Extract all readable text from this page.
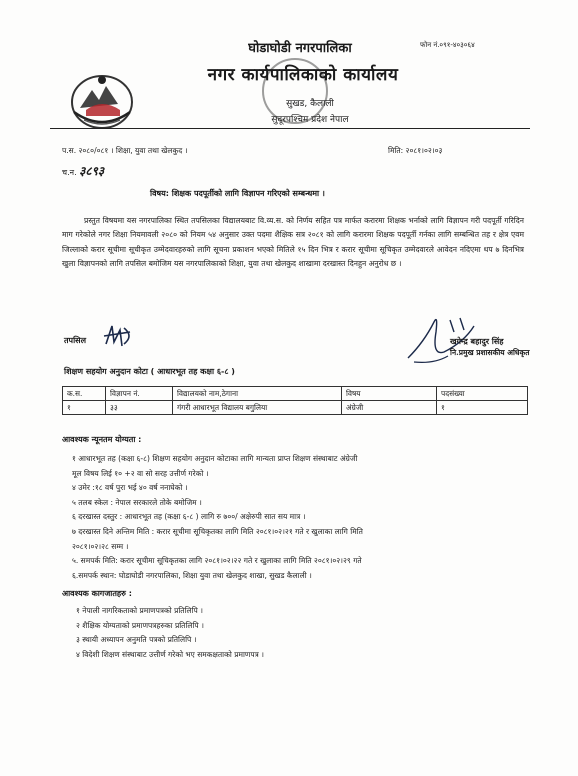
घोडाघोडी नगरपालिका
नगर कार्यपालिकाको कार्यालय
सुखड, कैलाली
सुदूरपश्चिम प्रदेश नेपाल
फोन नं.०९१-४०३०६४
प.स. २०८०/०८१ । शिक्षा, युवा तथा खेलकुद ।	मिति: २०८१।०२।०३
च.न. ३८९३
विषय: शिक्षक पदपूर्तीको लागि विज्ञापन गरिएको सम्बन्धमा ।
प्रस्तुत विषयमा यस नगरपालिका स्थित तपसिलका विद्यालयबाट वि.व्य.स. को निर्णय सहित पत्र मार्फत करारमा शिक्षक भर्नाको लागि विज्ञापन गरी पदपूर्ती गरिदिन माग गरेकोले नगर शिक्षा नियमावली २०८० को नियम ५४ अनुसार उक्त पदमा शैक्षिक सत्र २०८१ को लागि करारमा शिक्षक पदपूर्ती गर्नका लागि सम्बन्धित तह र क्षेत्र एवम जिल्लाको करार सूचीमा सूचीकृत उम्मेदवारहरुको लागि सूचना प्रकाशन भएको मितिले १५ दिन भित्र र करार सूचीमा सूचिकृत उम्मेदवारले आवेदन नदिएमा थप ७ दिनभित्र खुला विज्ञापनको लागि तपसिल बमोजिम यस नगरपालिकाको शिक्षा, युवा तथा खेलकुद शाखामा दरखास्त दिनहुन अनुरोध छ ।
तपसिल	खगेन्द्र बहादुर सिंह
नि.प्रमुख प्रशासकीय अधिकृत
शिक्षण सहयोग अनुदान कोटा ( आधारभूत तह कक्षा ६-८ )
क.स.	विज्ञापन नं.	विद्यालयको नाम,ठेगाना	विषय	पदसंख्या
१	३३	गंगरी आधारभूत विद्यालय बगुलिया	अंग्रेजी	१
आवश्यक न्यूनतम योग्यता :
१ आधारभूत तह (कक्षा ६-८) शिक्षण सहयोग अनुदान कोटाका लागि मान्यता प्राप्त शिक्षण संस्थाबाट अंग्रेजी
मूल विषय लिई १० +२ वा सो सरह उत्तीर्ण गरेको ।
४ उमेर :१८ वर्ष पुरा भई ४० वर्ष ननाघेको ।
५ तलब स्केल : नेपाल सरकारले तोके बमोजिम ।
६ दरखास्त दस्तुर : आधारभूत तह (कक्षा ६-८ ) लागि रु ७००/ अक्षेरुपी सात सय मात्र ।
७ दरखास्त दिने अन्तिम मिति : करार सूचीमा सूचिकृतका लागि मिति २०८१।०२।२१ गते र खुलाका लागि मिति
२०८१।०२।२८ सम्म ।
५. समपर्क मिति: करार सूचीमा सूचिकृतका लागि २०८१।०२।२२ गते र खुलाका लागि मिति २०८१।०२।२९ गते
६.समपर्क स्थान: घोडाघोडी नगरपालिका, शिक्षा युवा तथा खेलकुद शाखा, सुखड कैलाली ।
आवश्यक कागजातहरु :
१ नेपाली नागरिकताको प्रमाणपत्रको प्रतिलिपि ।
२ शैक्षिक योग्यताको प्रमाणपत्रहरुका प्रतिलिपि ।
३ स्थायी अध्यापन अनुमति पत्रको प्रतिलिपि ।
४ विदेशी शिक्षण संस्थाबाट उत्तीर्ण गरेको भए समकक्षताको प्रमाणपत्र ।
